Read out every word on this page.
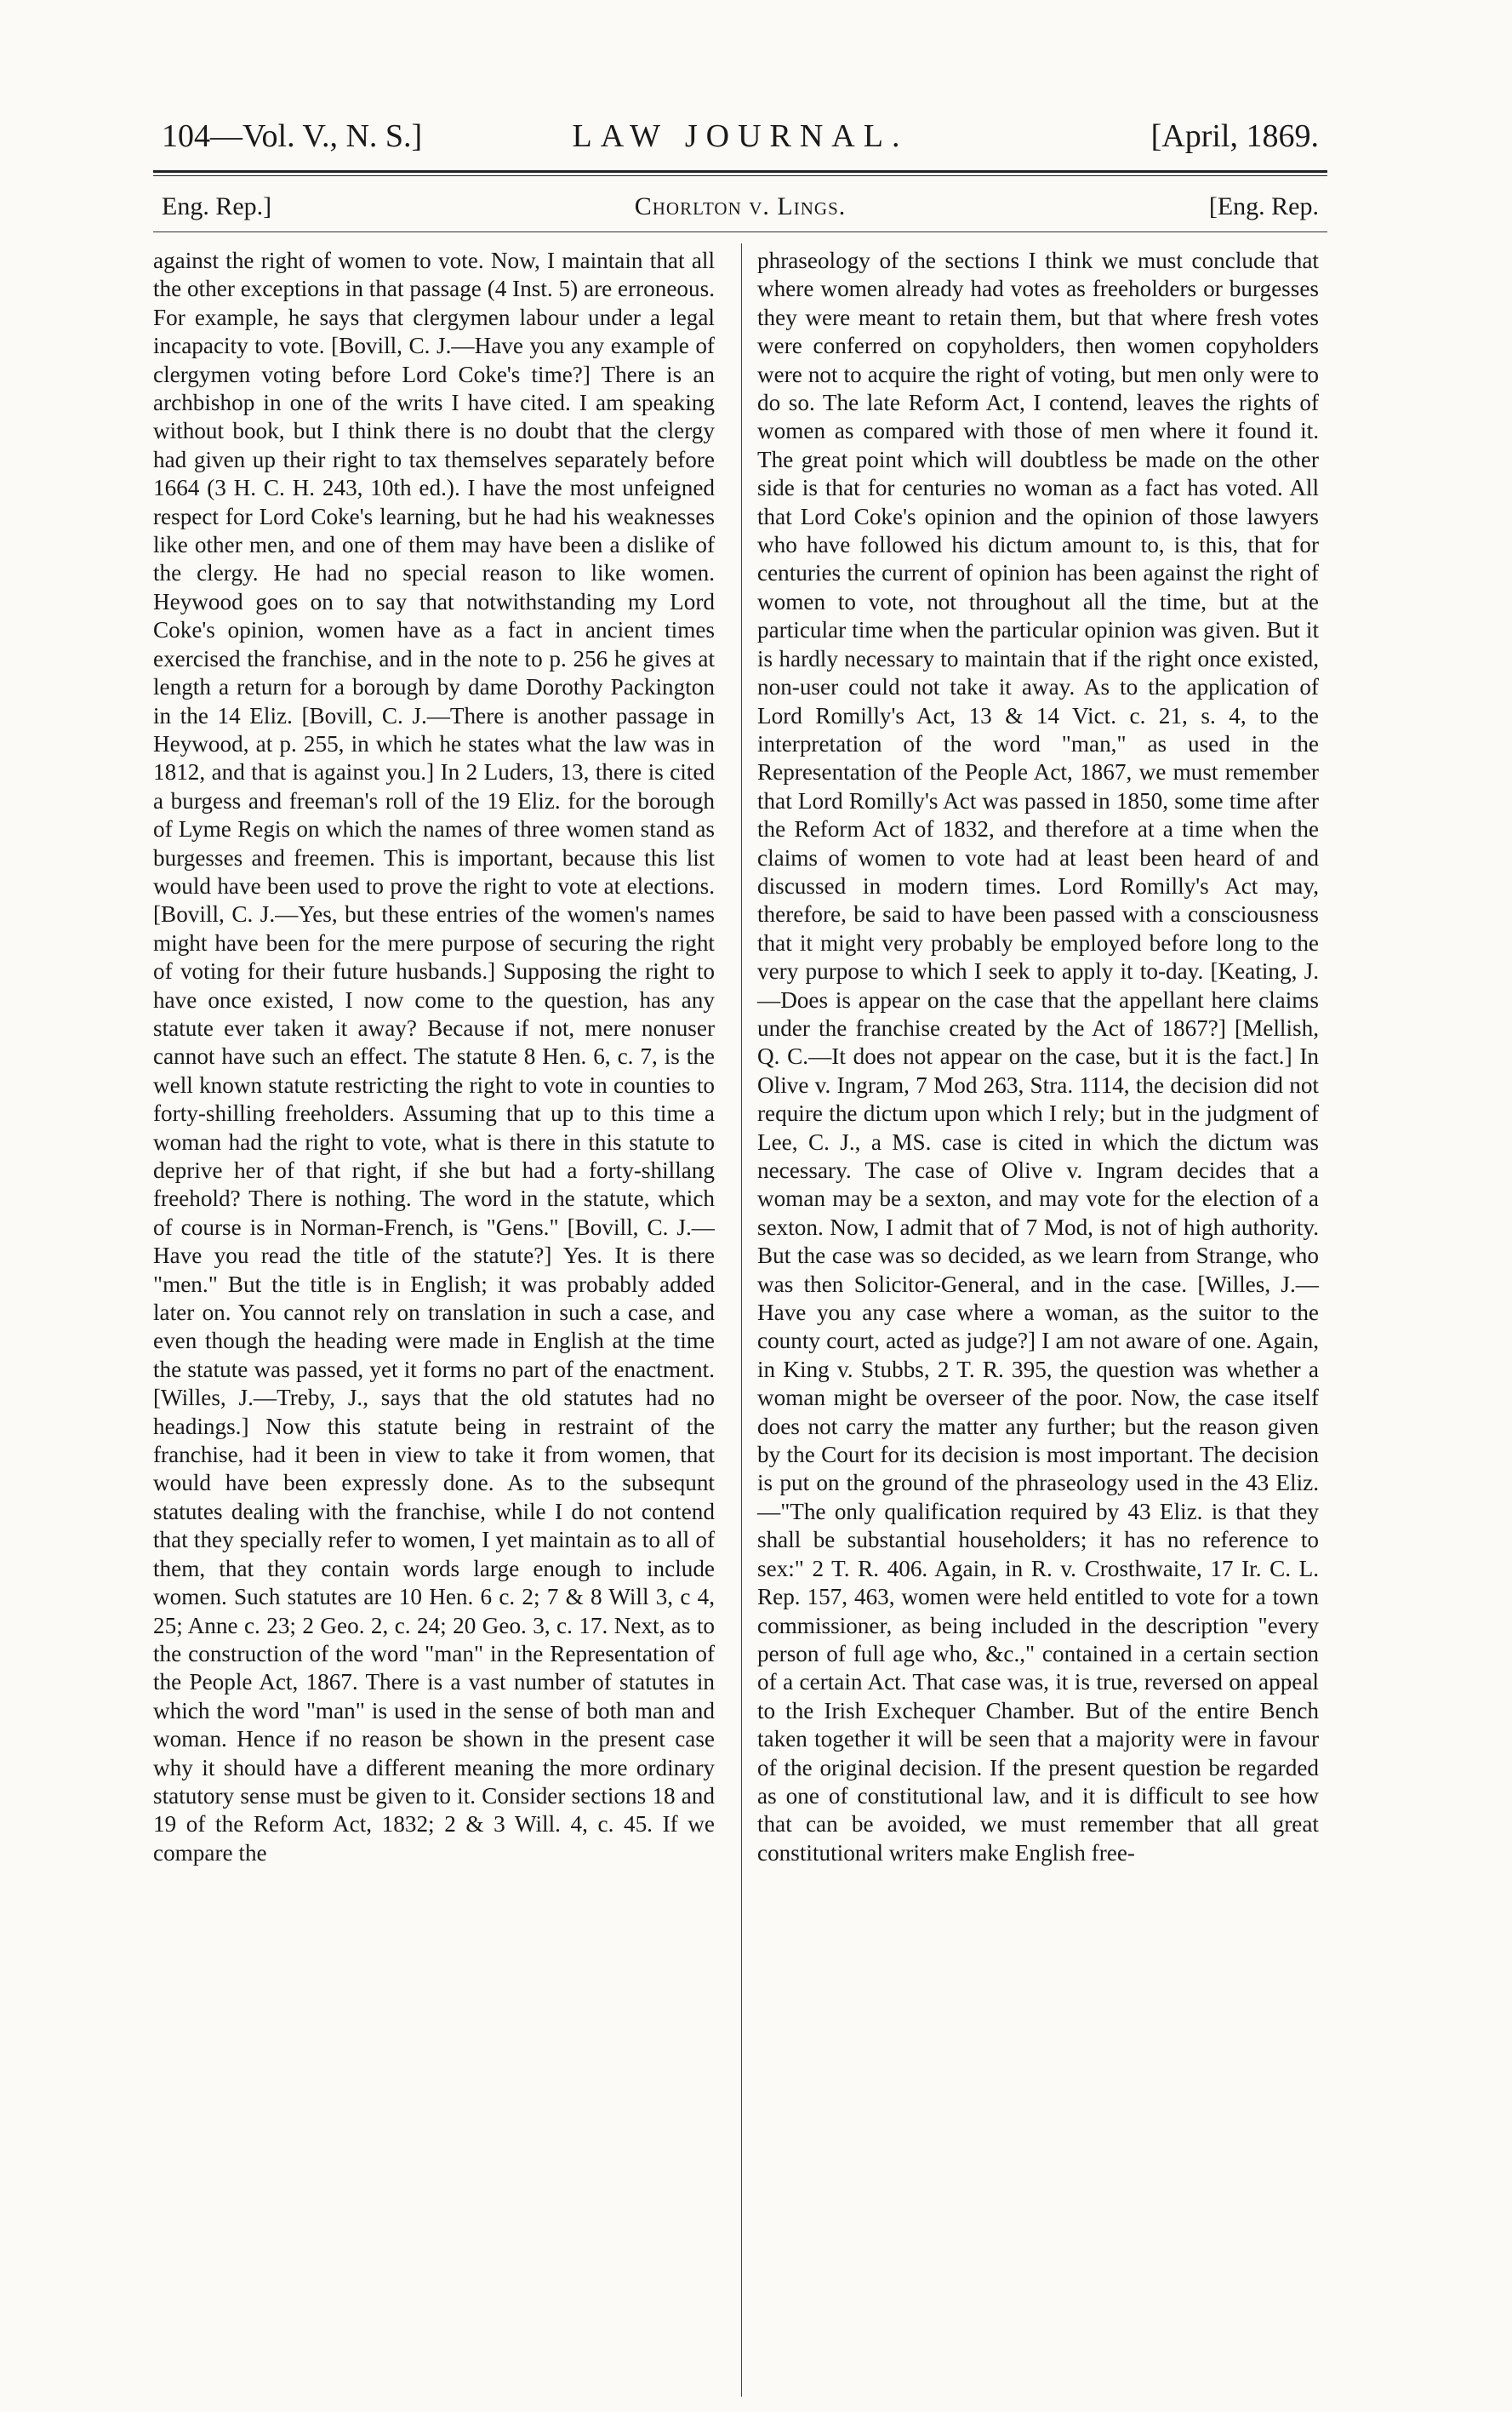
104—Vol. V., N. S.]	LAW JOURNAL.	[April, 1869.
Eng. Rep.]	Chorlton v. Lings.	[Eng. Rep.

against the right of women to vote. Now, I maintain that all the other exceptions in that passage (4 Inst. 5) are erroneous. For example, he says that clergymen labour under a legal incapacity to vote. [Bovill, C. J.—Have you any example of clergymen voting before Lord Coke's time?] There is an archbishop in one of the writs I have cited. I am speaking without book, but I think there is no doubt that the clergy had given up their right to tax themselves separately before 1664 (3 H. C. H. 243, 10th ed.). I have the most unfeigned respect for Lord Coke's learning, but he had his weaknesses like other men, and one of them may have been a dislike of the clergy. He had no special reason to like women. Heywood goes on to say that notwithstanding my Lord Coke's opinion, women have as a fact in ancient times exercised the franchise, and in the note to p. 256 he gives at length a return for a borough by dame Dorothy Packington in the 14 Eliz. [Bovill, C. J.—There is another passage in Heywood, at p. 255, in which he states what the law was in 1812, and that is against you.] In 2 Luders, 13, there is cited a burgess and freeman's roll of the 19 Eliz. for the borough of Lyme Regis on which the names of three women stand as burgesses and freemen. This is important, because this list would have been used to prove the right to vote at elections. [Bovill, C. J.—Yes, but these entries of the women's names might have been for the mere purpose of securing the right of voting for their future husbands.] Supposing the right to have once existed, I now come to the question, has any statute ever taken it away? Because if not, mere nonuser cannot have such an effect. The statute 8 Hen. 6, c. 7, is the well known statute restricting the right to vote in counties to forty-shilling freeholders. Assuming that up to this time a woman had the right to vote, what is there in this statute to deprive her of that right, if she but had a forty-shillang freehold? There is nothing. The word in the statute, which of course is in Norman-French, is "Gens." [Bovill, C. J.—Have you read the title of the statute?] Yes. It is there "men." But the title is in English; it was probably added later on. You cannot rely on translation in such a case, and even though the heading were made in English at the time the statute was passed, yet it forms no part of the enactment. [Willes, J.—Treby, J., says that the old statutes had no headings.] Now this statute being in restraint of the franchise, had it been in view to take it from women, that would have been expressly done. As to the subsequnt statutes dealing with the franchise, while I do not contend that they specially refer to women, I yet maintain as to all of them, that they contain words large enough to include women. Such statutes are 10 Hen. 6 c. 2; 7 & 8 Will 3, c 4, 25; Anne c. 23; 2 Geo. 2, c. 24; 20 Geo. 3, c. 17. Next, as to the construction of the word "man" in the Representation of the People Act, 1867. There is a vast number of statutes in which the word "man" is used in the sense of both man and woman. Hence if no reason be shown in the present case why it should have a different meaning the more ordinary statutory sense must be given to it. Consider sections 18 and 19 of the Reform Act, 1832; 2 & 3 Will. 4, c. 45. If we compare the

phraseology of the sections I think we must conclude that where women already had votes as freeholders or burgesses they were meant to retain them, but that where fresh votes were conferred on copyholders, then women copyholders were not to acquire the right of voting, but men only were to do so. The late Reform Act, I contend, leaves the rights of women as compared with those of men where it found it. The great point which will doubtless be made on the other side is that for centuries no woman as a fact has voted. All that Lord Coke's opinion and the opinion of those lawyers who have followed his dictum amount to, is this, that for centuries the current of opinion has been against the right of women to vote, not throughout all the time, but at the particular time when the particular opinion was given. But it is hardly necessary to maintain that if the right once existed, non-user could not take it away. As to the application of Lord Romilly's Act, 13 & 14 Vict. c. 21, s. 4, to the interpretation of the word "man," as used in the Representation of the People Act, 1867, we must remember that Lord Romilly's Act was passed in 1850, some time after the Reform Act of 1832, and therefore at a time when the claims of women to vote had at least been heard of and discussed in modern times. Lord Romilly's Act may, therefore, be said to have been passed with a consciousness that it might very probably be employed before long to the very purpose to which I seek to apply it to-day. [Keating, J.—Does is appear on the case that the appellant here claims under the franchise created by the Act of 1867?] [Mellish, Q. C.—It does not appear on the case, but it is the fact.] In Olive v. Ingram, 7 Mod 263, Stra. 1114, the decision did not require the dictum upon which I rely; but in the judgment of Lee, C. J., a MS. case is cited in which the dictum was necessary. The case of Olive v. Ingram decides that a woman may be a sexton, and may vote for the election of a sexton. Now, I admit that of 7 Mod, is not of high authority. But the case was so decided, as we learn from Strange, who was then Solicitor-General, and in the case. [Willes, J.—Have you any case where a woman, as the suitor to the county court, acted as judge?] I am not aware of one. Again, in King v. Stubbs, 2 T. R. 395, the question was whether a woman might be overseer of the poor. Now, the case itself does not carry the matter any further; but the reason given by the Court for its decision is most important. The decision is put on the ground of the phraseology used in the 43 Eliz.—"The only qualification required by 43 Eliz. is that they shall be substantial householders; it has no reference to sex:" 2 T. R. 406. Again, in R. v. Crosthwaite, 17 Ir. C. L. Rep. 157, 463, women were held entitled to vote for a town commissioner, as being included in the description "every person of full age who, &c.," contained in a certain section of a certain Act. That case was, it is true, reversed on appeal to the Irish Exchequer Chamber. But of the entire Bench taken together it will be seen that a majority were in favour of the original decision. If the present question be regarded as one of constitutional law, and it is difficult to see how that can be avoided, we must remember that all great constitutional writers make English free-
